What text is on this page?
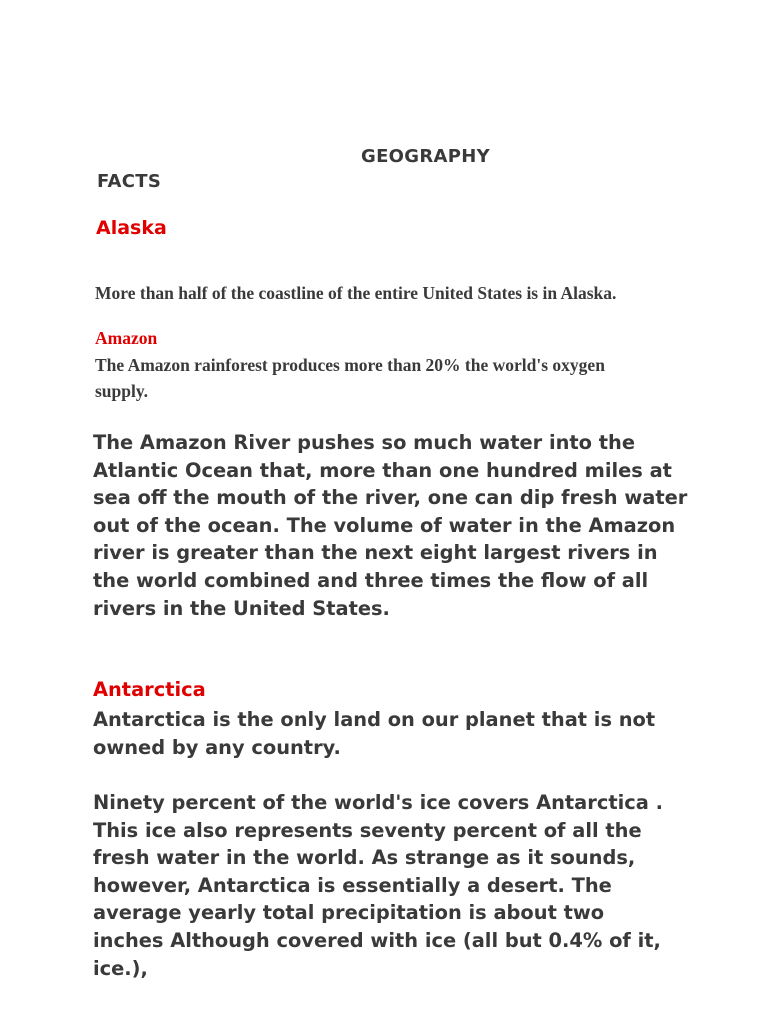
GEOGRAPHY
FACTS
Alaska
More than half of the coastline of the entire United States is in Alaska.
Amazon
The Amazon rainforest produces more than 20% the world's oxygen supply.
The Amazon River pushes so much water into the Atlantic Ocean that, more than one hundred miles at sea off the mouth of the river, one can dip fresh water out of the ocean. The volume of water in the Amazon river is greater than the next eight largest rivers in the world combined and three times the flow of all rivers in the United States.
Antarctica
Antarctica is the only land on our planet that is not owned by any country.
Ninety percent of the world's ice covers Antarctica . This ice also represents seventy percent of all the fresh water in the world. As strange as it sounds, however, Antarctica is essentially a desert. The average yearly total precipitation is about two inches Although covered with ice (all but 0.4% of it, ice.),
